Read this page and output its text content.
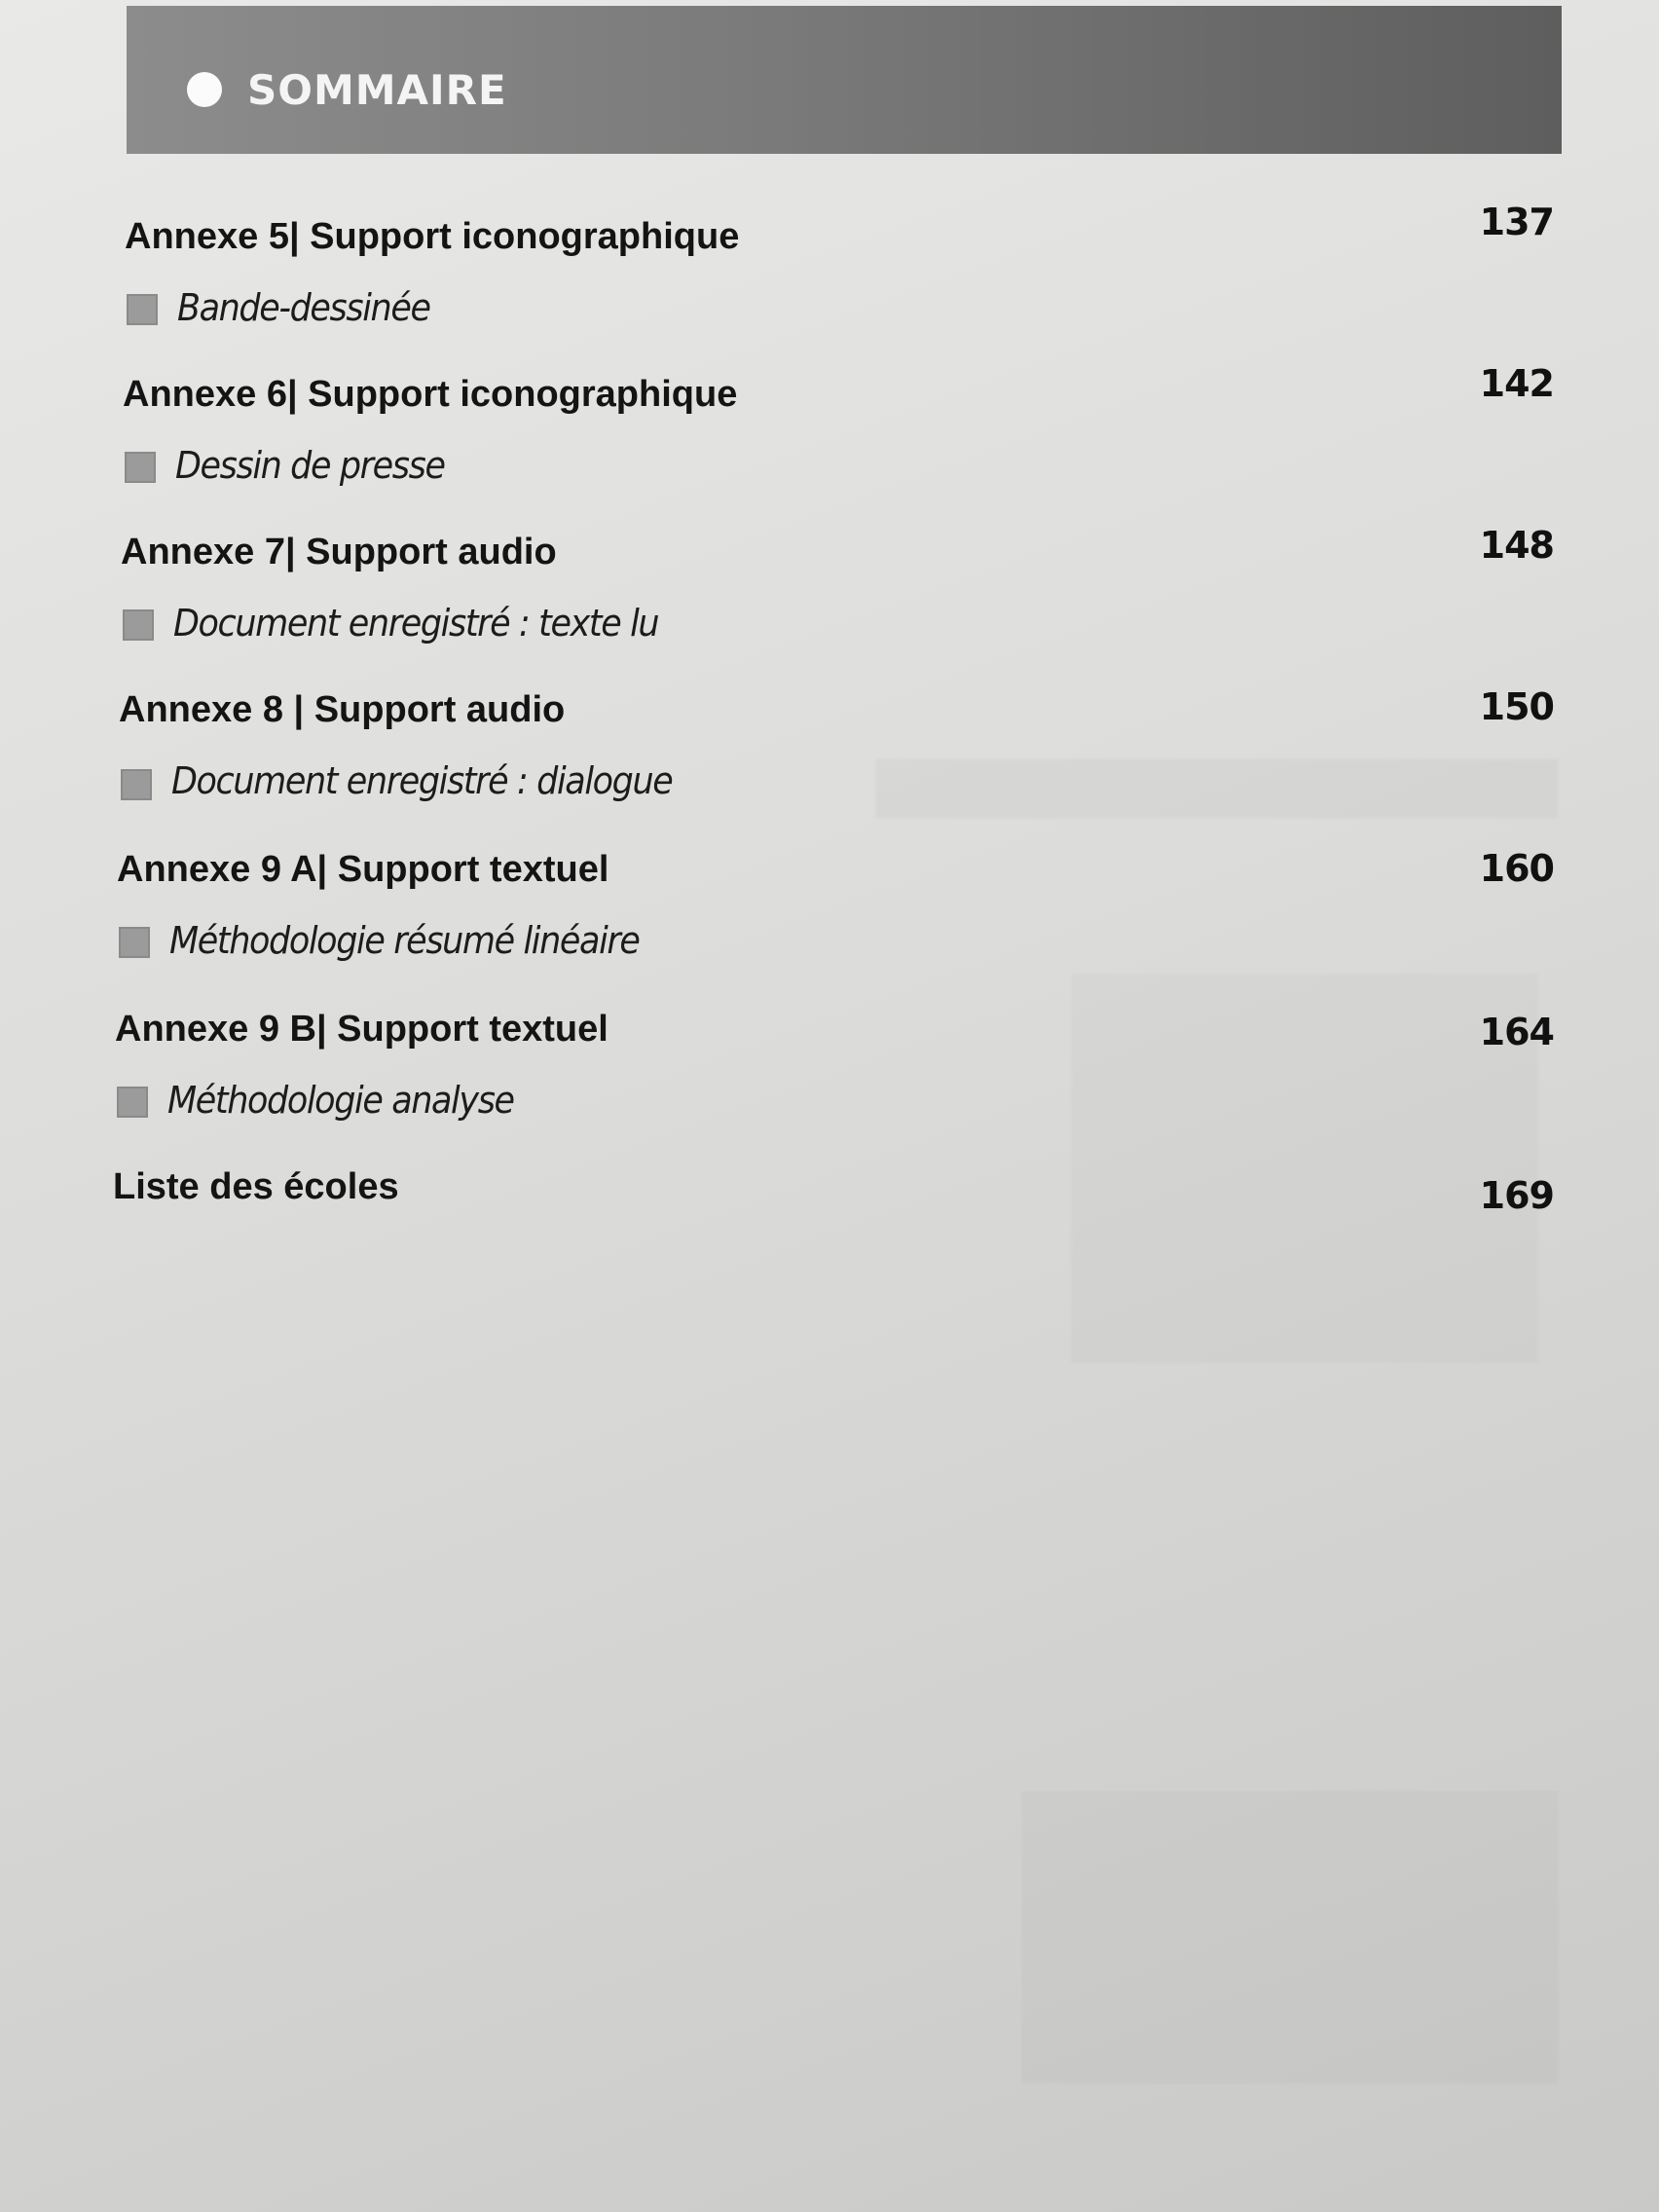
SOMMAIRE
Annexe 5| Support iconographique
Bande-dessinée
137
Annexe 6| Support iconographique
Dessin de presse
142
Annexe 7| Support audio
Document enregistré : texte lu
148
Annexe 8 | Support audio
Document enregistré : dialogue
150
Annexe 9 A| Support textuel
Méthodologie résumé linéaire
160
Annexe 9 B| Support textuel
Méthodologie analyse
164
Liste des écoles	169
